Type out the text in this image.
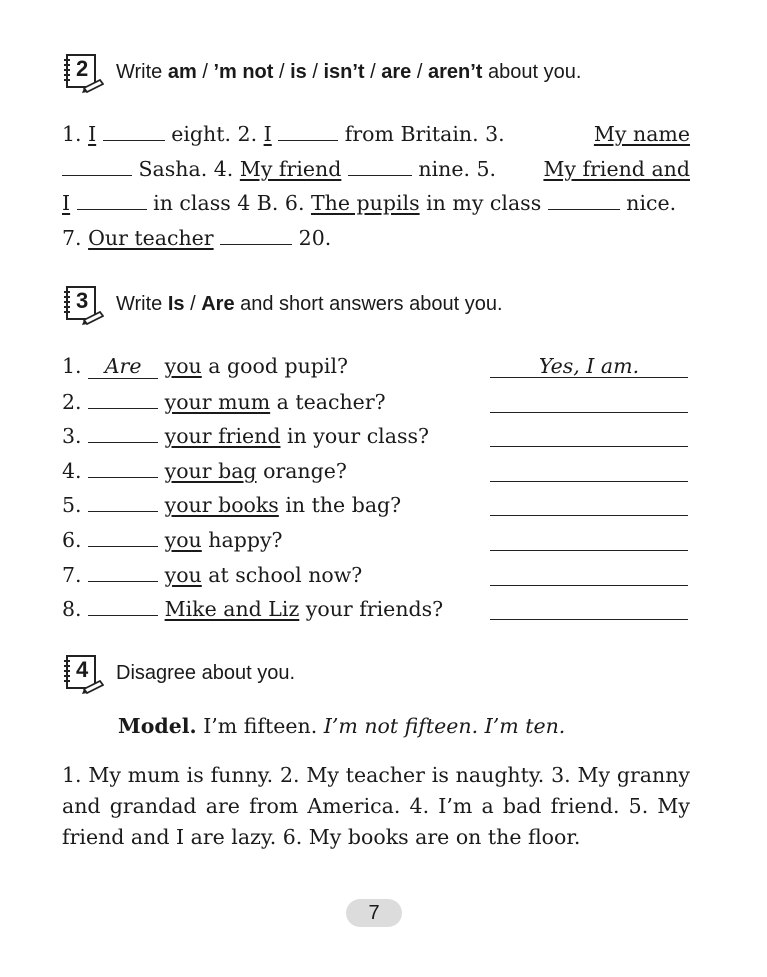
2 Write am / ’m not / is / isn’t / are / aren’t about you.
1. I	eight. 2. I	from Britain. 3.	My name
Sasha. 4. My friend	nine. 5. My friend and
I	in class 4 B. 6. The pupils in my class	nice.
7. Our teacher	20.
3 Write Is / Are and short answers about you.
1. Are you a good pupil?	Yes, I am.
2.	your mum a teacher?
3.	your friend in your class?
4.	your bag orange?
5.	your books in the bag?
6.	you happy?
7.	you at school now?
8.	Mike and Liz your friends?
4 Disagree about you.
Model. I’m fifteen. I’m not fifteen. I’m ten.
1. My mum is funny. 2. My teacher is naughty. 3. My granny and grandad are from America. 4. I’m a bad friend. 5. My friend and I are lazy. 6. My books are on the floor.
7
